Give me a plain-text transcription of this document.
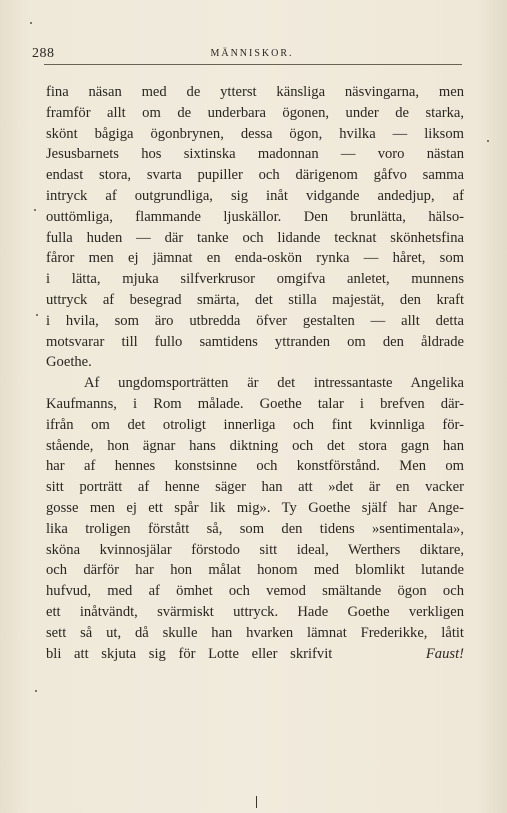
288	MÄNNISKOR.
fina näsan med de ytterst känsliga näsvingarna, men
framför allt om de underbara ögonen, under de starka,
skönt bågiga ögonbrynen, dessa ögon, hvilka — liksom
Jesusbarnets hos sixtinska madonnan — voro nästan
endast stora, svarta pupiller och därigenom gåfvo samma
intryck af outgrundliga, sig inåt vidgande andedjup, af
outtömliga, flammande ljuskällor. Den brunlätta, hälso-
fulla huden — där tanke och lidande tecknat skönhetsfina
fåror men ej jämnat en enda-oskön rynka — håret, som
i lätta, mjuka silfverkrusor omgifva anletet, munnens
uttryck af besegrad smärta, det stilla majestät, den kraft
i hvila, som äro utbredda öfver gestalten — allt detta
motsvarar till fullo samtidens yttranden om den åldrade
Goethe.
Af ungdomsporträtten är det intressantaste Angelika
Kaufmanns, i Rom målade. Goethe talar i brefven där-
ifrån om det otroligt innerliga och fint kvinnliga för-
stående, hon ägnar hans diktning och det stora gagn han
har af hennes konstsinne och konstförstånd. Men om
sitt porträtt af henne säger han att »det är en vacker
gosse men ej ett spår lik mig». Ty Goethe själf har Ange-
lika troligen förstått så, som den tidens »sentimentala»,
sköna kvinnosjälar förstodo sitt ideal, Werthers diktare,
och därför har hon målat honom med blomlikt lutande
hufvud, med af ömhet och vemod smältande ögon och
ett inåtvändt, svärmiskt uttryck. Hade Goethe verkligen
sett så ut, då skulle han hvarken lämnat Frederikke, låtit
bli att skjuta sig för Lotte eller skrifvit	Faust!
